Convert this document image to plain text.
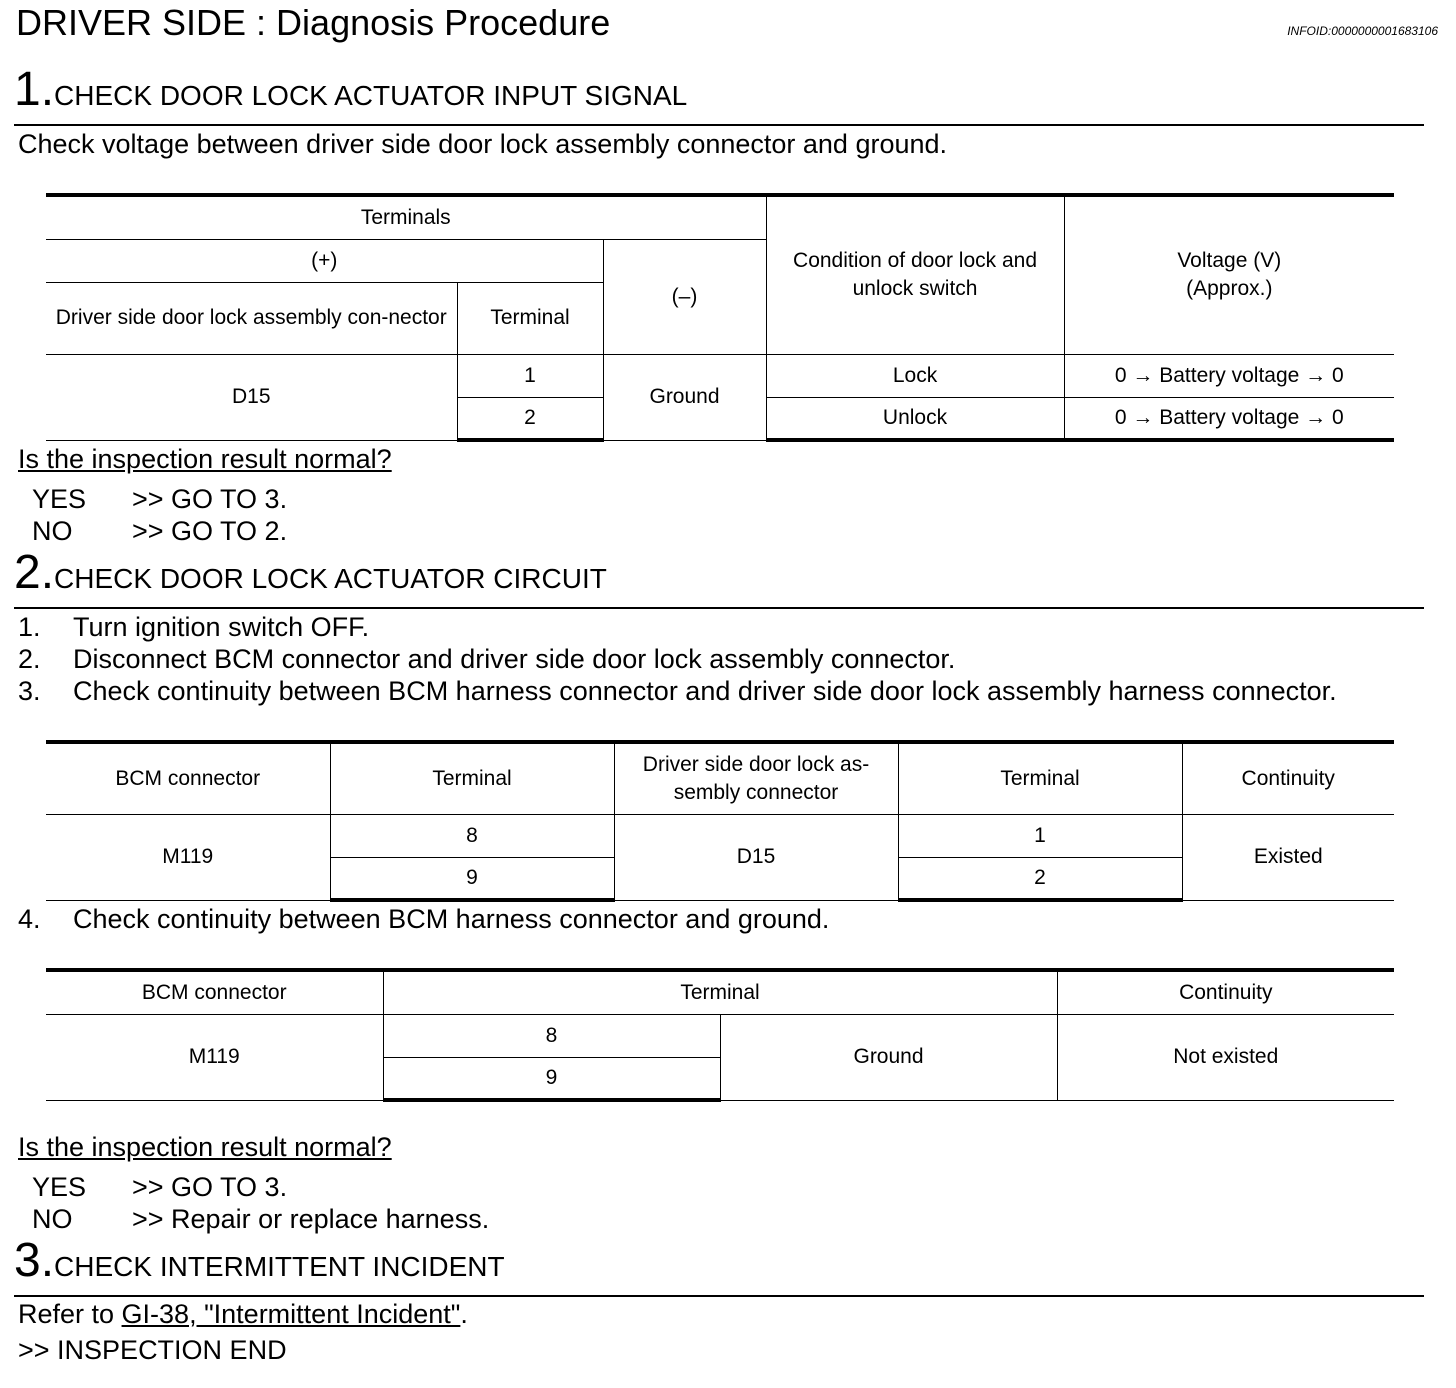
DRIVER SIDE : Diagnosis Procedure	INFOID:0000000001683106
1.CHECK DOOR LOCK ACTUATOR INPUT SIGNAL
Check voltage between driver side door lock assembly connector and ground.
Terminals			Condition of door lock and unlock switch	Voltage (V)
(Approx.)
(+)		(–)		
Driver side door lock assembly con-nector	Terminal			
D15	1	Ground	Lock	0 → Battery voltage → 0
	2		Unlock	0 → Battery voltage → 0
Is the inspection result normal?
YES >> GO TO 3.
NO >> GO TO 2.
2.CHECK DOOR LOCK ACTUATOR CIRCUIT
1. Turn ignition switch OFF.
2. Disconnect BCM connector and driver side door lock assembly connector.
3. Check continuity between BCM harness connector and driver side door lock assembly harness connector.
BCM connector	Terminal	Driver side door lock as-sembly connector	Terminal	Continuity
M119	8	D15	1	Existed
	9		2	
4. Check continuity between BCM harness connector and ground.
BCM connector	Terminal		Continuity
M119	8	Ground	Not existed
	9		
Is the inspection result normal?
YES >> GO TO 3.
NO >> Repair or replace harness.
3.CHECK INTERMITTENT INCIDENT
Refer to GI-38, "Intermittent Incident".
>> INSPECTION END
